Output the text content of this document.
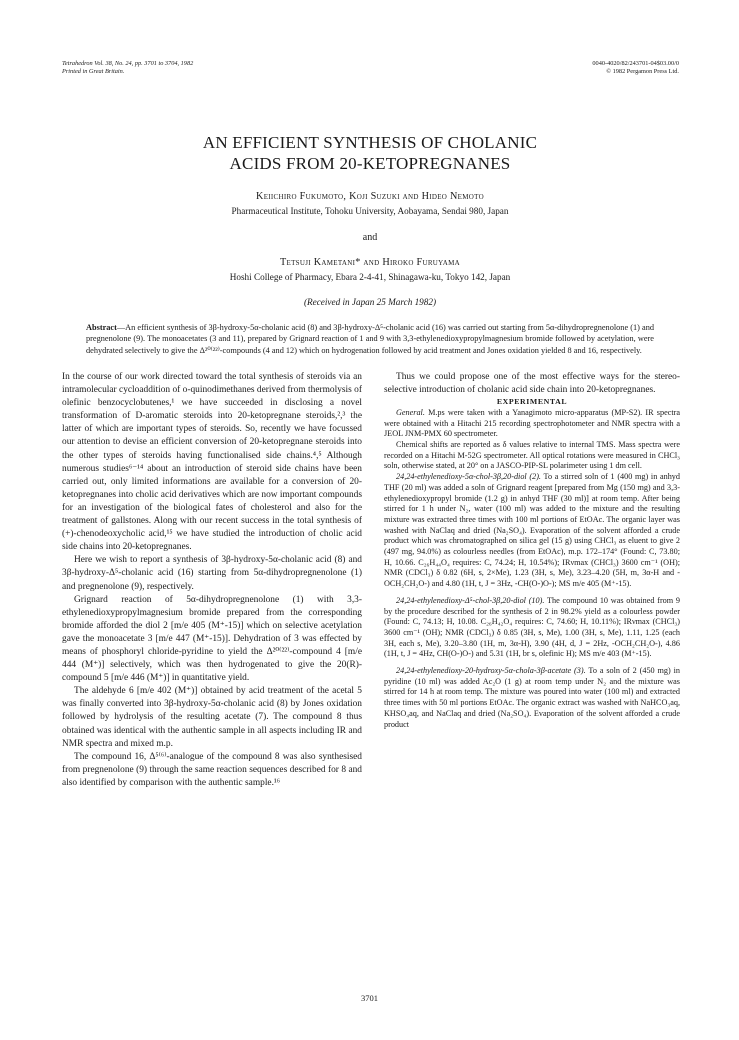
Tetrahedron Vol. 38, No. 24, pp. 3701 to 3704, 1982
Printed in Great Britain.
0040-4020/82/243701-04$03.00/0
© 1982 Pergamon Press Ltd.
AN EFFICIENT SYNTHESIS OF CHOLANIC
ACIDS FROM 20-KETOPREGNANES
Keiichiro Fukumoto, Koji Suzuki and Hideo Nemoto
Pharmaceutical Institute, Tohoku University, Aobayama, Sendai 980, Japan
and
Tetsuji Kametani* and Hiroko Furuyama
Hoshi College of Pharmacy, Ebara 2-4-41, Shinagawa-ku, Tokyo 142, Japan
(Received in Japan 25 March 1982)
Abstract—An efficient synthesis of 3β-hydroxy-5α-cholanic acid (8) and 3β-hydroxy-Δ⁵-cholanic acid (16) was carried out starting from 5α-dihydropregnenolone (1) and pregnenolone (9). The monoacetates (3 and 11), prepared by Grignard reaction of 1 and 9 with 3,3-ethylenedioxypropylmagnesium bromide followed by acetylation, were dehydrated selectively to give the Δ²⁰⁽²²⁾-compounds (4 and 12) which on hydrogenation followed by acid treatment and Jones oxidation yielded 8 and 16, respectively.

In the course of our work directed toward the total synthesis of steroids via an intramolecular cycloaddition of o-quinodimethanes derived from thermolysis of olefinic benzocyclobutenes,¹ we have succeeded in disclosing a novel transformation of D-aromatic steroids into 20-ketopregnane steroids,²,³ the latter of which are important types of steroids. So, recently we have focussed our attention to devise an efficient conversion of 20-ketopregnane steroids into the other types of steroids having functionalised side chains.⁴,⁵ Although numerous studies⁶⁻¹⁴ about an introduction of steroid side chains have been carried out, only limited informations are available for a conversion of 20-ketopregnanes into cholic acid derivatives which are now important compounds for an investigation of the biological fates of cholesterol and also for the treatment of gallstones. Along with our recent success in the total synthesis of (+)-chenodeoxycholic acid,¹⁵ we have studied the introduction of cholic acid side chains into 20-ketopregnanes.

Here we wish to report a synthesis of 3β-hydroxy-5α-cholanic acid (8) and 3β-hydroxy-Δ⁵-cholanic acid (16) starting from 5α-dihydropregnenolone (1) and pregnenolone (9), respectively.

Grignard reaction of 5α-dihydropregnenolone (1) with 3,3-ethylenedioxypropylmagnesium bromide prepared from the corresponding bromide afforded the diol 2 [m/e 405 (M⁺-15)] which on selective acetylation gave the monoacetate 3 [m/e 447 (M⁺-15)]. Dehydration of 3 was effected by means of phosphoryl chloride-pyridine to yield the Δ²⁰⁽²²⁾-compound 4 [m/e 444 (M⁺)] selectively, which was then hydrogenated to give the 20(R)-compound 5 [m/e 446 (M⁺)] in quantitative yield.

The aldehyde 6 [m/e 402 (M⁺)] obtained by acid treatment of the acetal 5 was finally converted into 3β-hydroxy-5α-cholanic acid (8) by Jones oxidation followed by hydrolysis of the resulting acetate (7). The compound 8 thus obtained was identical with the authentic sample in all aspects including IR and NMR spectra and mixed m.p.

The compound 16, Δ⁵⁽⁶⁾-analogue of the compound 8 was also synthesised from pregnenolone (9) through the same reaction sequences described for 8 and also identified by comparison with the authentic sample.¹⁶

Thus we could propose one of the most effective ways for the stereo-selective introduction of cholanic acid side chain into 20-ketopregnanes.

EXPERIMENTAL

General. M.ps were taken with a Yanagimoto micro-apparatus (MP-S2). IR spectra were obtained with a Hitachi 215 recording spectrophotometer and NMR spectra with a JEOL JNM-PMX 60 spectrometer.

Chemical shifts are reported as δ values relative to internal TMS. Mass spectra were recorded on a Hitachi M-52G spectrometer. All optical rotations were measured in CHCl₃ soln, otherwise stated, at 20° on a JASCO-PIP-SL polarimeter using 1 dm cell.

24,24-ethylenedioxy-5α-chol-3β,20-diol (2). To a stirred soln of 1 (400 mg) in anhyd THF (20 ml) was added a soln of Grignard reagent [prepared from Mg (150 mg) and 3,3-ethylenedioxypropyl bromide (1.2 g) in anhyd THF (30 ml)] at room temp. After being stirred for 1 h under N₂, water (100 ml) was added to the mixture and the resulting mixture was extracted three times with 100 ml portions of EtOAc. The organic layer was washed with NaClaq and dried (Na₂SO₄). Evaporation of the solvent afforded a crude product which was chromatographed on silica gel (15 g) using CHCl₃ as eluent to give 2 (497 mg, 94.0%) as colourless needles (from EtOAc), m.p. 172–174° (Found: C, 73.80; H, 10.66. C₂₆H₄₄O₄ requires: C, 74.24; H, 10.54%); IRνmax (CHCl₃) 3600 cm⁻¹ (OH); NMR (CDCl₃) δ 0.82 (6H, s, 2×Me), 1.23 (3H, s, Me), 3.23–4.20 (5H, m, 3α-H and -OCH₂CH₂O-) and 4.80 (1H, t, J = 3Hz, -CH(O-)O-); MS m/e 405 (M⁺-15).

24,24-ethylenedioxy-Δ⁵-chol-3β,20-diol (10). The compound 10 was obtained from 9 by the procedure described for the synthesis of 2 in 98.2% yield as a colourless powder (Found: C, 74.13; H, 10.08. C₂₆H₄₂O₄ requires: C, 74.60; H, 10.11%); IRνmax (CHCl₃) 3600 cm⁻¹ (OH); NMR (CDCl₃) δ 0.85 (3H, s, Me), 1.00 (3H, s, Me), 1.11, 1.25 (each 3H, each s, Me), 3.20–3.80 (1H, m, 3α-H), 3.90 (4H, d, J = 2Hz, -OCH₂CH₂O-), 4.86 (1H, t, J = 4Hz, CH(O-)O-) and 5.31 (1H, br s, olefinic H); MS m/e 403 (M⁺-15).

24,24-ethylenedioxy-20-hydroxy-5α-chola-3β-acetate (3). To a soln of 2 (450 mg) in pyridine (10 ml) was added Ac₂O (1 g) at room temp under N₂ and the mixture was stirred for 14 h at room temp. The mixture was poured into water (100 ml) and extracted three times with 50 ml portions EtOAc. The organic extract was washed with NaHCO₃aq, KHSO₄aq, and NaClaq and dried (Na₂SO₄). Evaporation of the solvent afforded a crude product

3701
